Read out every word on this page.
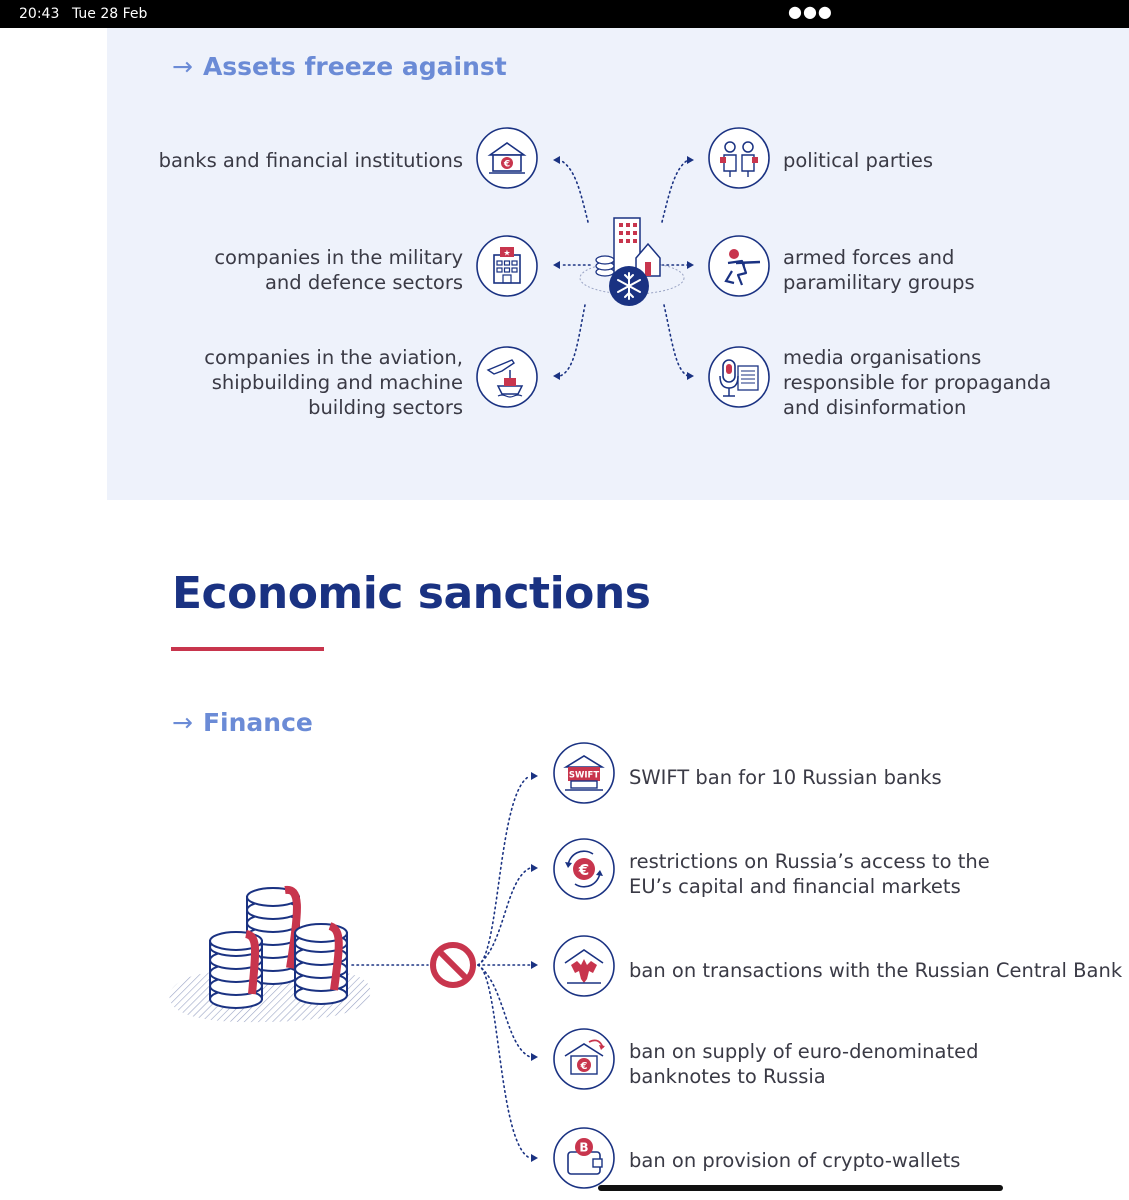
20:43 Tue 28 Feb	●●●
→ Assets freeze against
banks and financial institutions
companies in the military
and defence sectors
companies in the aviation,
shipbuilding and machine
building sectors
political parties
armed forces and
paramilitary groups
media organisations
responsible for propaganda
and disinformation
€
★
Economic sanctions
→ Finance
SWIFT
€
€
B
SWIFT ban for 10 Russian banks
restrictions on Russia’s access to the
EU’s capital and financial markets
ban on transactions with the Russian Central Bank
ban on supply of euro-denominated
banknotes to Russia
ban on provision of crypto-wallets
